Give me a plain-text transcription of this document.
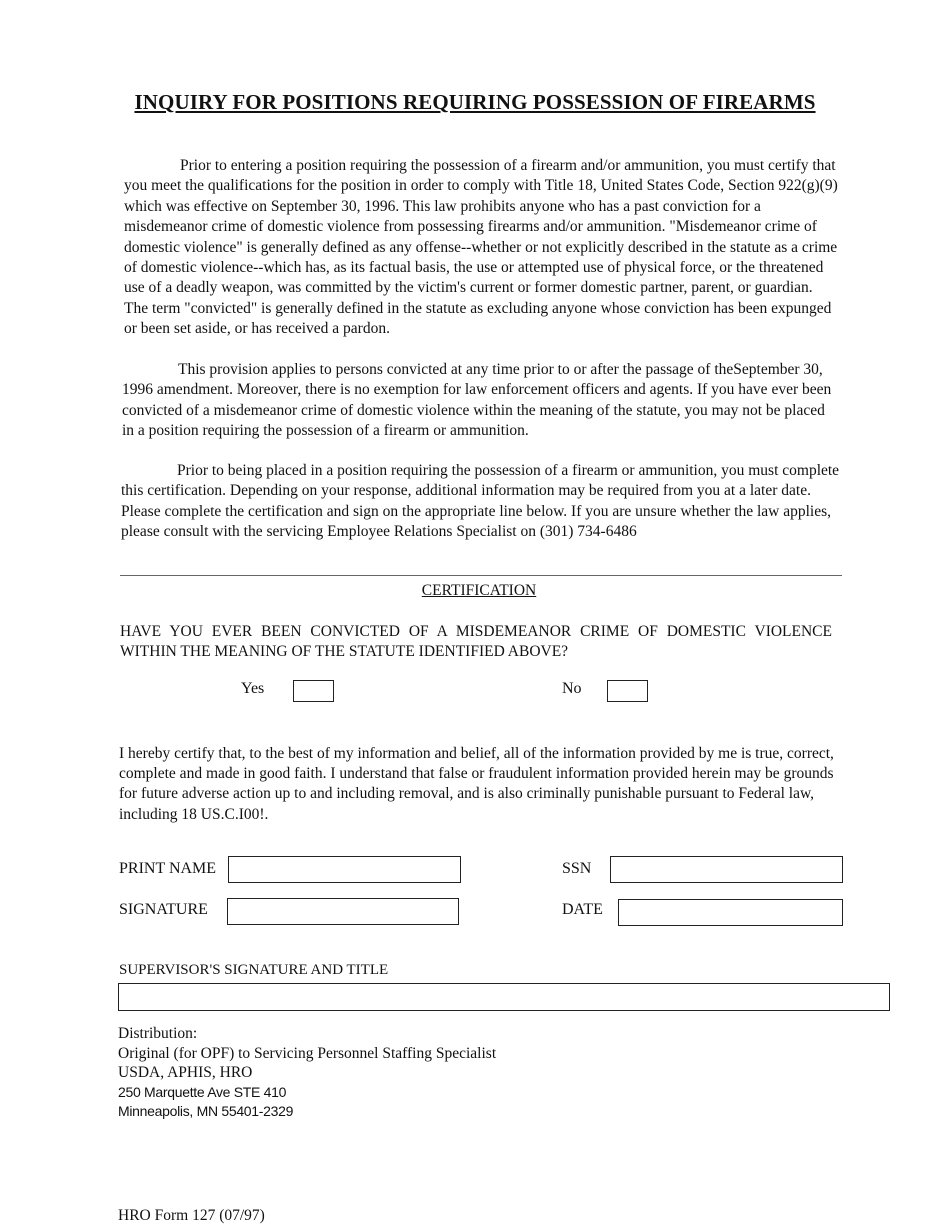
INQUIRY FOR POSITIONS REQUIRING POSSESSION OF FIREARMS
Prior to entering a position requiring the possession of a firearm and/or ammunition, you must certify that you meet the qualifications for the position in order to comply with Title 18, United States Code, Section 922(g)(9) which was effective on September 30, 1996. This law prohibits anyone who has a past conviction for a misdemeanor crime of domestic violence from possessing firearms and/or ammunition. "Misdemeanor crime of domestic violence" is generally defined as any offense--whether or not explicitly described in the statute as a crime of domestic violence--which has, as its factual basis, the use or attempted use of physical force, or the threatened use of a deadly weapon, was committed by the victim's current or former domestic partner, parent, or guardian. The term "convicted" is generally defined in the statute as excluding anyone whose conviction has been expunged or been set aside, or has received a pardon.
This provision applies to persons convicted at any time prior to or after the passage of theSeptember 30, 1996 amendment. Moreover, there is no exemption for law enforcement officers and agents. If you have ever been convicted of a misdemeanor crime of domestic violence within the meaning of the statute, you may not be placed in a position requiring the possession of a firearm or ammunition.
Prior to being placed in a position requiring the possession of a firearm or ammunition, you must complete this certification. Depending on your response, additional information may be required from you at a later date. Please complete the certification and sign on the appropriate line below. If you are unsure whether the law applies, please consult with the servicing Employee Relations Specialist on (301) 734-6486
CERTIFICATION
HAVE YOU EVER BEEN CONVICTED OF A MISDEMEANOR CRIME OF DOMESTIC VIOLENCE WITHIN THE MEANING OF THE STATUTE IDENTIFIED ABOVE?
Yes	No
I hereby certify that, to the best of my information and belief, all of the information provided by me is true, correct, complete and made in good faith. I understand that false or fraudulent information provided herein may be grounds for future adverse action up to and including removal, and is also criminally punishable pursuant to Federal law, including 18 US.C.I00!.
PRINT NAME	SSN
SIGNATURE	DATE
SUPERVISOR'S SIGNATURE AND TITLE
Distribution:
Original (for OPF) to Servicing Personnel Staffing Specialist
USDA, APHIS, HRO
250 Marquette Ave STE 410
Minneapolis, MN 55401-2329
HRO Form 127 (07/97)
